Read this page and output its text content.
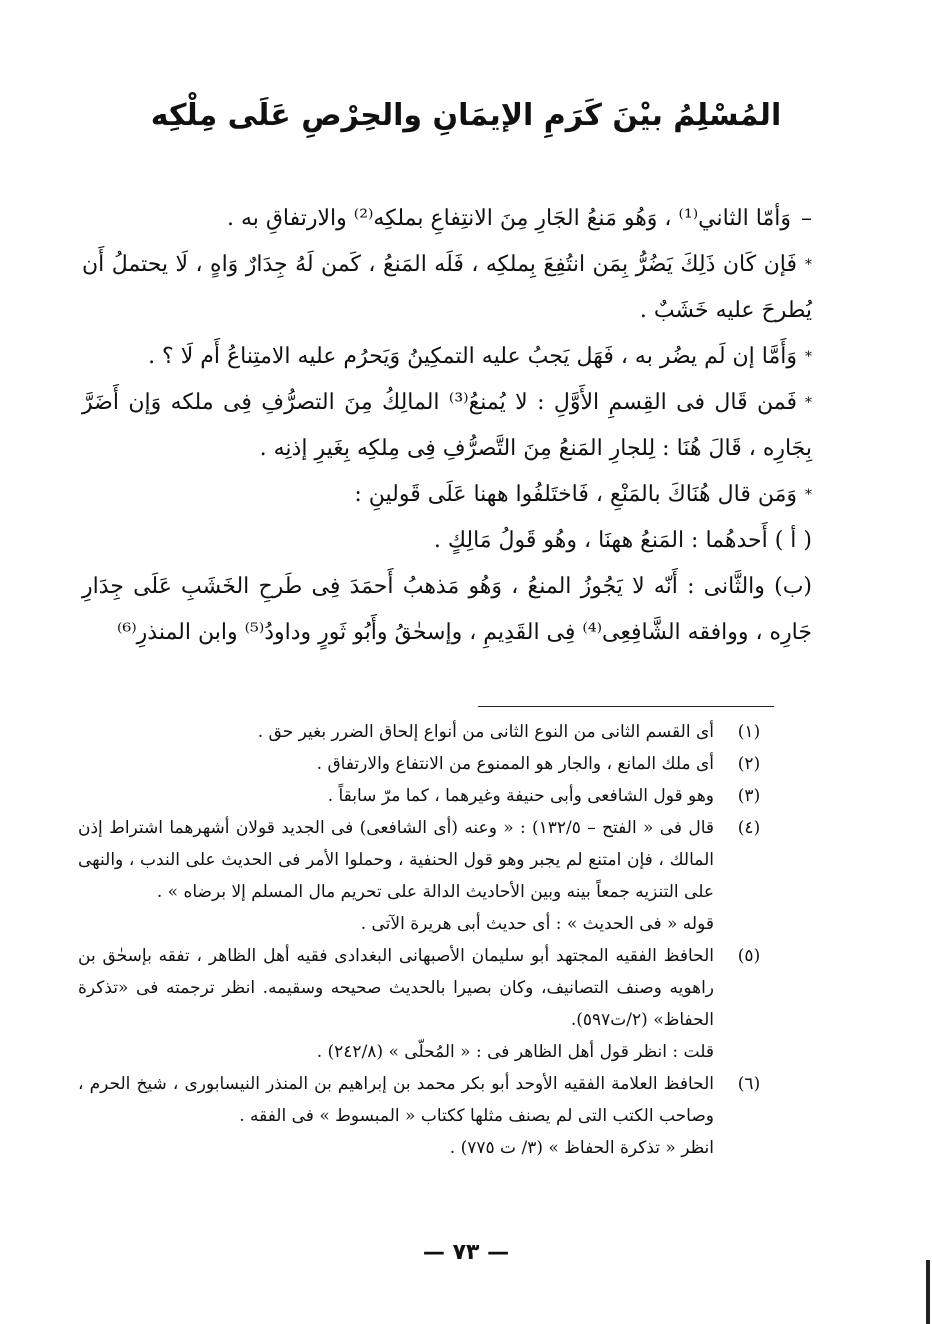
المُسْلِمُ بيْنَ كَرَمِ الإيمَانِ والحِرْصِ عَلَى مِلْكِه

–وَأمّا الثاني⁽¹⁾ ، وَهُو مَنعُ الجَارِ مِنَ الانتِفاعِ بملكِه⁽²⁾ والارتفاقِ به .

*فَإن كَان ذَلِكَ يَضُرُّ بِمَن انتُفِعَ بِملكِه ، فَلَه المَنعُ ، كَمن لَهُ جِدَارٌ وَاهٍ ، لَا يحتملُ أَن يُطرحَ عليه خَشَبٌ .

*وَأَمَّا إن لَم يضُر به ، فَهَل يَجبُ عليه التمكِينُ وَيَحرُم عليه الامتِناعُ أَم لَا ؟ .

*فَمن قَال فى القِسمِ الأَوَّلِ : لا يُمنعُ⁽³⁾ المالِكُ مِنَ التصرُّفِ فِى ملكه وَإن أَضَرَّ بِجَارِه ، قَالَ هُنَا : لِلجارِ المَنعُ مِنَ التَّصرُّفِ فِى مِلكِه بِغَيرِ إذنِه .

*وَمَن قال هُنَاكَ بالمَنْعِ ، فَاختَلفُوا ههنا عَلَى قَولينِ :

( أ ) أَحدهُما : المَنعُ ههنَا ، وهُو قَولُ مَالِكٍ .

(ب) والثَّانى : أَنّه لا يَجُوزُ المنعُ ، وَهُو مَذهبُ أَحمَدَ فِى طَرحِ الخَشَبِ عَلَى جِدَارِ جَارِه ، ووافقه الشَّافِعِى⁽⁴⁾ فِى القَدِيمِ ، وإسحٰقُ وأَبُو ثَورٍ وداودُ⁽⁵⁾ وابن المنذرِ⁽⁶⁾

(١)
أى القسم الثانى من النوع الثانى من أنواع إلحاق الضرر بغير حق .
(٢)
أى ملك المانع ، والجار هو الممنوع من الانتفاع والارتفاق .
(٣)
وهو قول الشافعى وأبى حنيفة وغيرهما ، كما مرّ سابقاً .
(٤)
قال فى « الفتح – ١٣٢/٥) : « وعنه (أى الشافعى) فى الجديد قولان أشهرهما اشتراط إذن المالك ، فإن امتنع لم يجبر وهو قول الحنفية ، وحملوا الأمر فى الحديث على الندب ، والنهى على التنزيه جمعاً بينه وبين الأحاديث الدالة على تحريم مال المسلم إلا برضاه » .
قوله « فى الحديث » : أى حديث أبى هريرة الآتى .
(٥)
الحافظ الفقيه المجتهد أبو سليمان الأصبهانى البغدادى فقيه أهل الظاهر ، تفقه بإسحٰق بن راهويه وصنف التصانيف، وكان بصيرا بالحديث صحيحه وسقيمه. انظر ترجمته فى «تذكرة الحفاظ» (٢/ت٥٩٧).
قلت : انظر قول أهل الظاهر فى : « المُحلّى » (٢٤٢/٨) .
(٦)
الحافظ العلامة الفقيه الأوحد أبو بكر محمد بن إبراهيم بن المنذر النيسابورى ، شيخ الحرم ، وصاحب الكتب التى لم يصنف مثلها ككتاب « المبسوط » فى الفقه .
انظر « تذكرة الحفاظ » (٣/ ت ٧٧٥) .
— ٧٣ —
